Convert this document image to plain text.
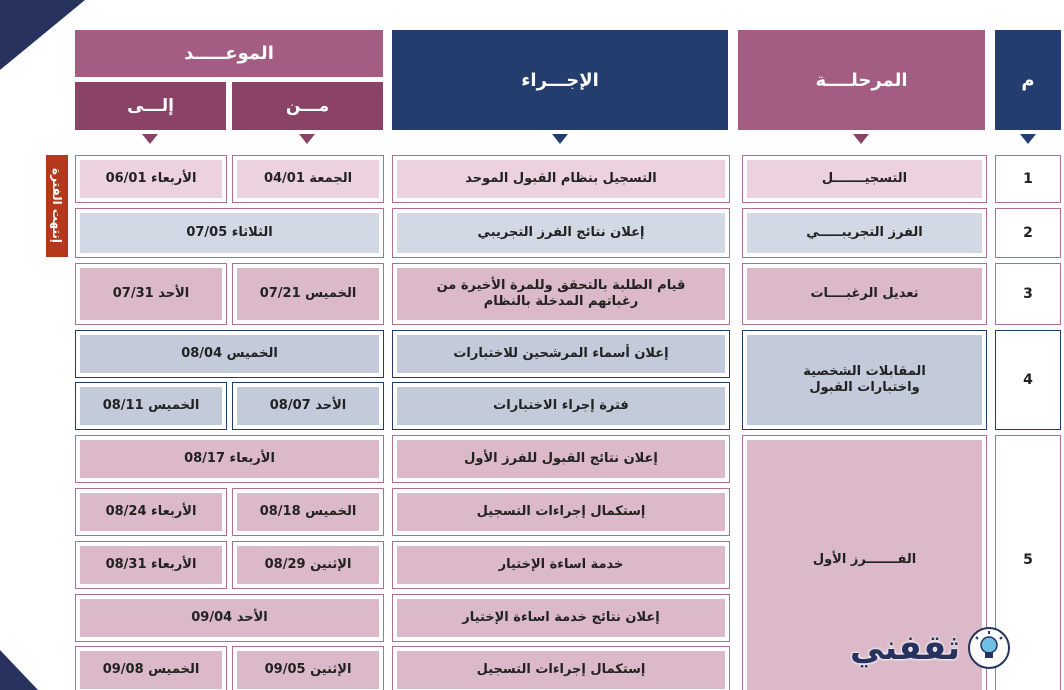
م
المرحلــــة
الإجـــراء
الموعـــــد
مـــن
إلـــى
إنتهت الفترة	1
التسجيـــــــل
التسجيل بنظام القبول الموحد
الجمعة 04/01
الأربعاء 06/01
2
الفرز التجريبـــــي
إعلان نتائج الفرز التجريبي
الثلاثاء 07/05
3
تعديل الرغبــــات
قيام الطلبة بالتحقق وللمرة الأخيرة من رغباتهم المدخلة بالنظام
الخميس 07/21
الأحد 07/31
4
المقابلات الشخصية واختبارات القبول
إعلان أسماء المرشحين للاختبارات
الخميس 08/04
فترة إجراء الاختبارات
الأحد 08/07
الخميس 08/11
5
الفـــــــرز الأول
إعلان نتائج القبول للفرز الأول
الأربعاء 08/17
إستكمال إجراءات التسجيل
الخميس 08/18
الأربعاء 08/24
خدمة اساءة الإختيار
الإثنين 08/29
الأربعاء 08/31
إعلان نتائج خدمة اساءة الإختيار
الأحد 09/04
إستكمال إجراءات التسجيل
الإثنين 09/05
الخميس 09/08
ثقفني
